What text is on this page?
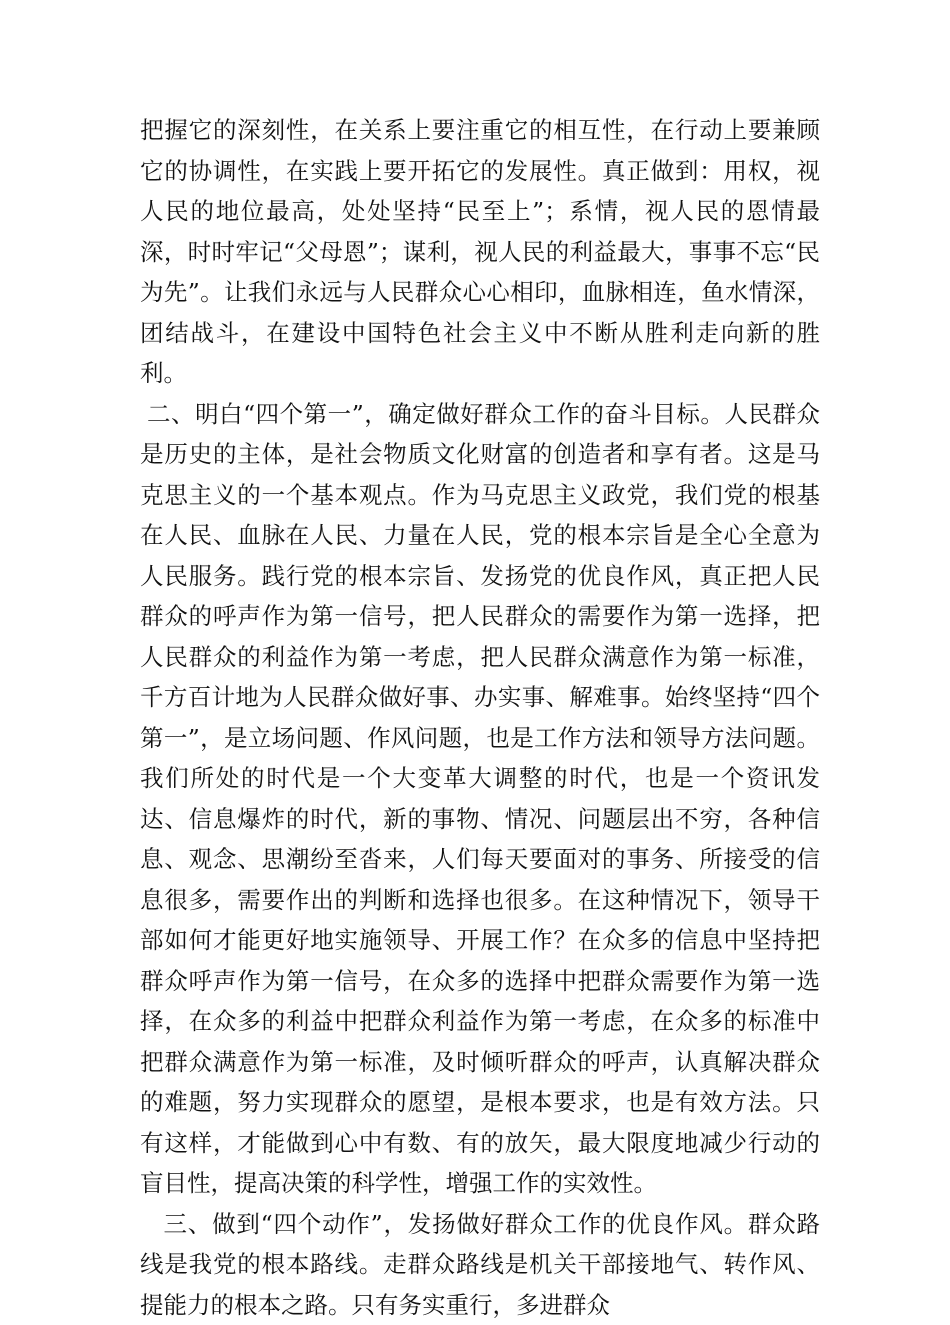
把握它的深刻性，在关系上要注重它的相互性，在行动上要兼顾它的协调性，在实践上要开拓它的发展性。真正做到：用权，视人民的地位最高，处处坚持“民至上”；系情，视人民的恩情最深，时时牢记“父母恩”；谋利，视人民的利益最大，事事不忘“民为先”。让我们永远与人民群众心心相印，血脉相连，鱼水情深，团结战斗，在建设中国特色社会主义中不断从胜利走向新的胜利。

二、明白“四个第一”，确定做好群众工作的奋斗目标。人民群众是历史的主体，是社会物质文化财富的创造者和享有者。这是马克思主义的一个基本观点。作为马克思主义政党，我们党的根基在人民、血脉在人民、力量在人民，党的根本宗旨是全心全意为人民服务。践行党的根本宗旨、发扬党的优良作风，真正把人民群众的呼声作为第一信号，把人民群众的需要作为第一选择，把人民群众的利益作为第一考虑，把人民群众满意作为第一标准，千方百计地为人民群众做好事、办实事、解难事。始终坚持“四个第一”，是立场问题、作风问题，也是工作方法和领导方法问题。我们所处的时代是一个大变革大调整的时代，也是一个资讯发达、信息爆炸的时代，新的事物、情况、问题层出不穷，各种信息、观念、思潮纷至沓来，人们每天要面对的事务、所接受的信息很多，需要作出的判断和选择也很多。在这种情况下，领导干部如何才能更好地实施领导、开展工作？在众多的信息中坚持把群众呼声作为第一信号，在众多的选择中把群众需要作为第一选择，在众多的利益中把群众利益作为第一考虑，在众多的标准中把群众满意作为第一标准，及时倾听群众的呼声，认真解决群众的难题，努力实现群众的愿望，是根本要求，也是有效方法。只有这样，才能做到心中有数、有的放矢，最大限度地减少行动的盲目性，提高决策的科学性，增强工作的实效性。

三、做到“四个动作”，发扬做好群众工作的优良作风。群众路线是我党的根本路线。走群众路线是机关干部接地气、转作风、提能力的根本之路。只有务实重行，多进群众
